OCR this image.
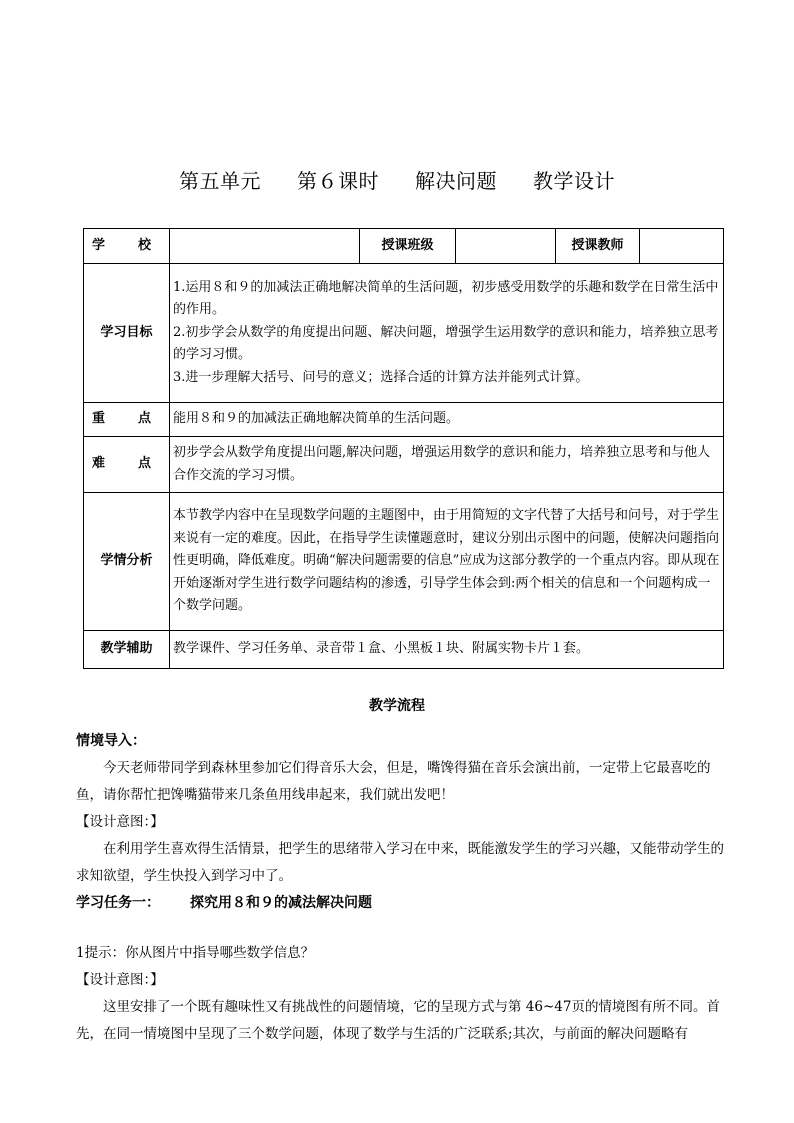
第五单元 第６课时 解决问题 教学设计
学　　校		授课班级		授课教师	
学习目标	1.运用８和９的加减法正确地解决简单的生活问题，初步感受用数学的乐趣和数学在日常生活中的作用。
2.初步学会从数学的角度提出问题、解决问题，增强学生运用数学的意识和能力，培养独立思考的学习习惯。
3.进一步理解大括号、问号的意义；选择合适的计算方法并能列式计算。				

重　　点	能用８和９的加减法正确地解决简单的生活问题。				
难　　点	初步学会从数学角度提出问题,解决问题，增强运用数学的意识和能力，培养独立思考和与他人合作交流的学习习惯。				
学情分析	本节教学内容中在呈现数学问题的主题图中，由于用简短的文字代替了大括号和问号，对于学生来说有一定的难度。因此，在指导学生读懂题意时，建议分别出示图中的问题，使解决问题指向性更明确，降低难度。明确“解决问题需要的信息”应成为这部分教学的一个重点内容。即从现在开始逐渐对学生进行数学问题结构的渗透，引导学生体会到:两个相关的信息和一个问题构成一个数学问题。				
教学辅助	教学课件、学习任务单、录音带１盒、小黑板１块、附属实物卡片１套。				
教学流程
情境导入：
今天老师带同学到森林里参加它们得音乐大会，但是，嘴馋得猫在音乐会演出前，一定带上它最喜吃的鱼，请你帮忙把馋嘴猫带来几条鱼用线串起来，我们就出发吧！
【设计意图：】
在利用学生喜欢得生活情景，把学生的思绪带入学习在中来，既能激发学生的学习兴趣，又能带动学生的求知欲望，学生快投入到学习中了。
学习任务一： 探究用８和９的减法解决问题
1提示：你从图片中指导哪些数学信息？
【设计意图：】
这里安排了一个既有趣味性又有挑战性的问题情境，它的呈现方式与第 46~47页的情境图有所不同。首先，在同一情境图中呈现了三个数学问题，体现了数学与生活的广泛联系;其次，与前面的解决问题略有
